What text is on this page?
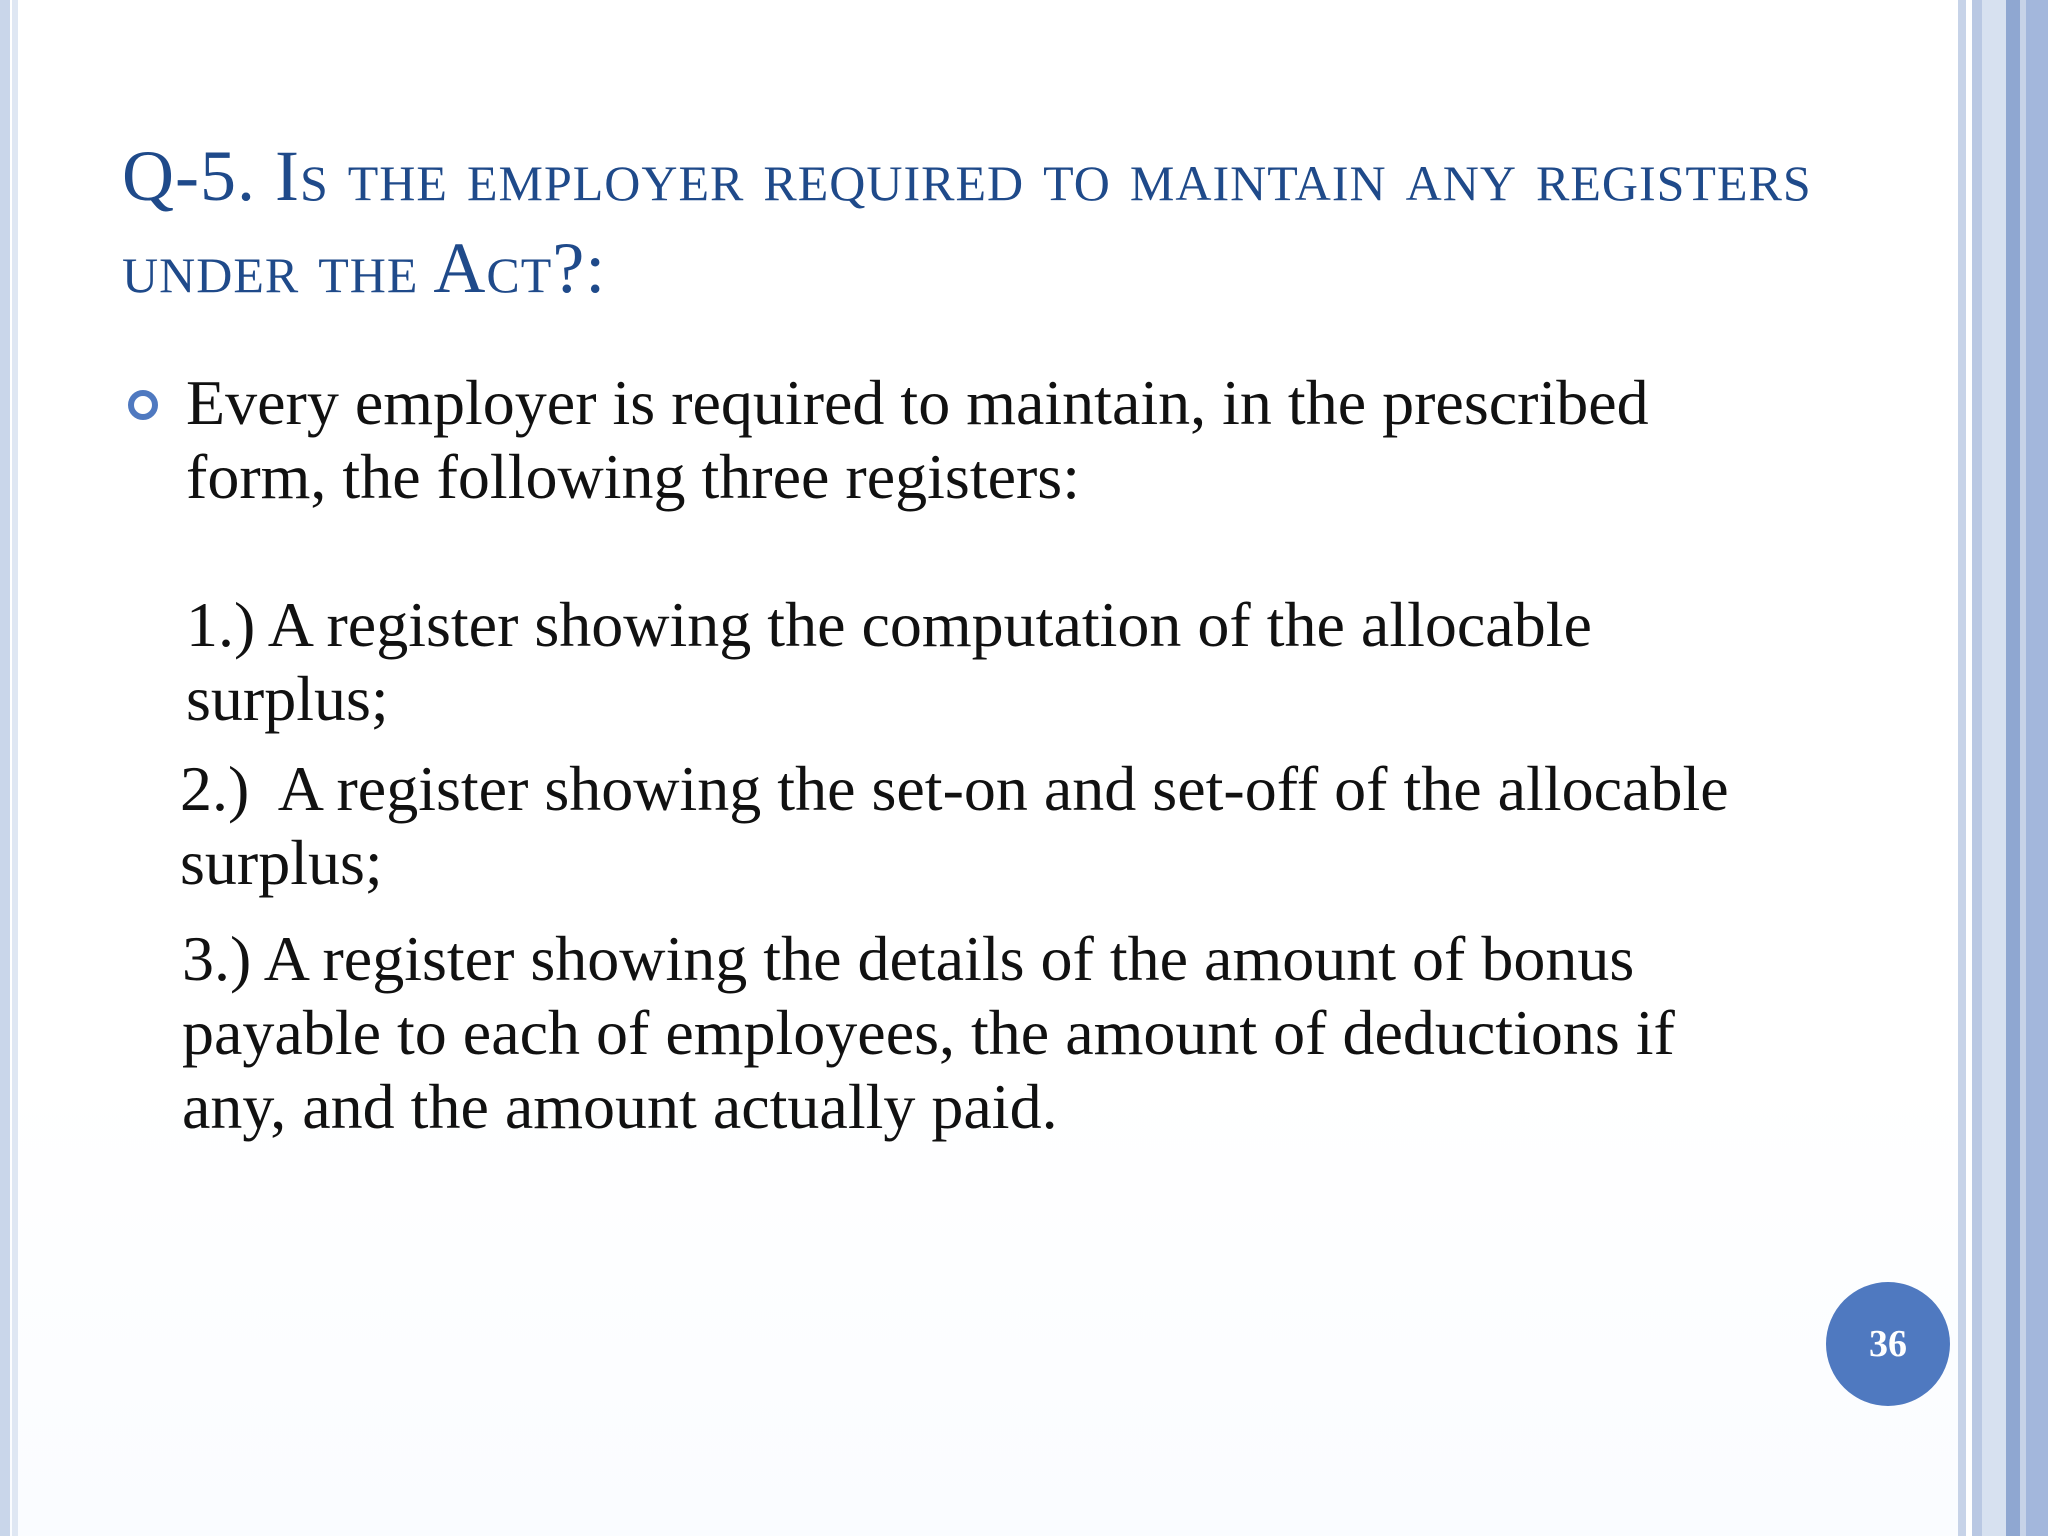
Q-5. Is the employer required to maintain any registers under the Act?:
Every employer is required to maintain, in the prescribed form, the following three registers:

1.) A register showing the computation of the allocable surplus;

2.)  A register showing the set-on and set-off of the allocable surplus;

3.) A register showing the details of the amount of bonus payable to each of employees, the amount of deductions if any, and the amount actually paid.

36
